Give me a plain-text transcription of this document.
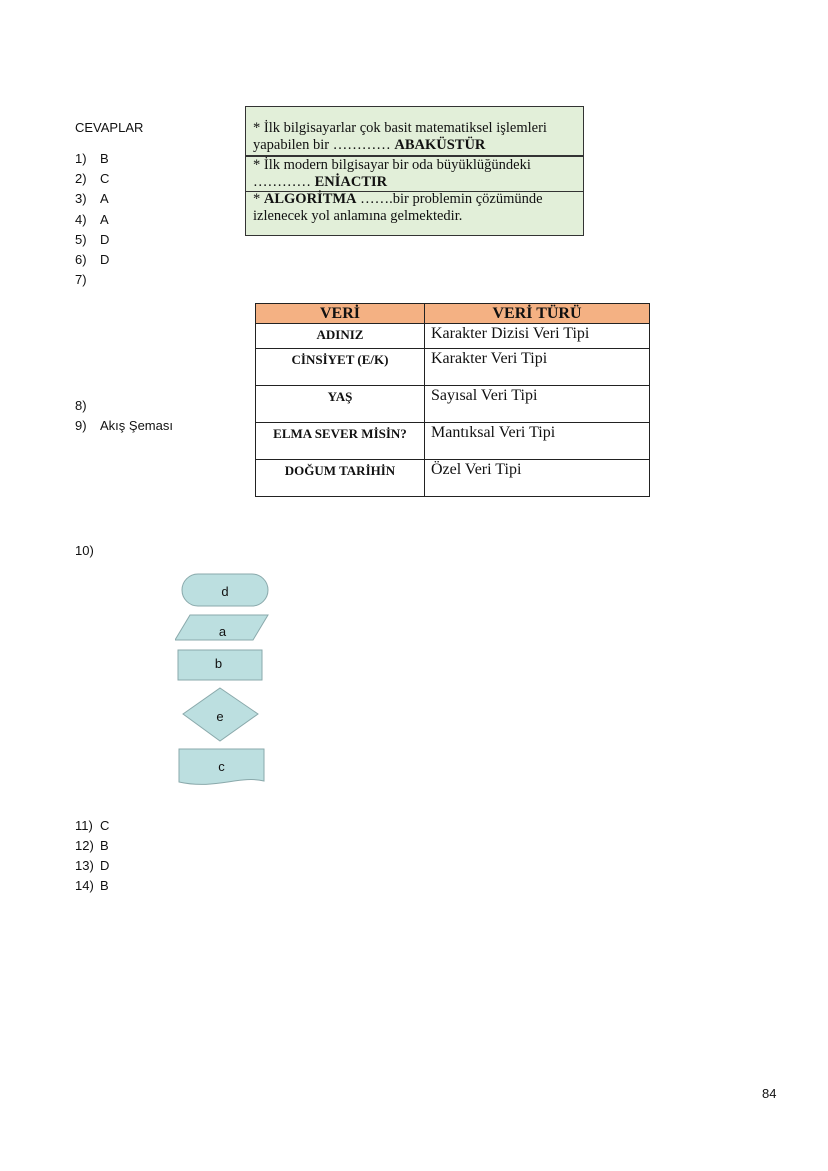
CEVAPLAR
1) B
2) C
3) A
4) A
5) D
6) D
7)
8)
9) Akış Şeması
10)
11) C
12) B
13) D
14) B
* İlk bilgisayarlar çok basit matematiksel işlemleri
yapabilen bir ………… ABAKÜSTÜR
* İlk modern bilgisayar bir oda büyüklüğündeki
………… ENİACTIR
* ALGORİTMA …….bir problemin çözümünde
izlenecek yol anlamına gelmektedir.
VERİ	VERİ TÜRÜ
ADINIZ	Karakter Dizisi Veri Tipi
CİNSİYET (E/K)	Karakter Veri Tipi
YAŞ	Sayısal Veri Tipi
ELMA SEVER MİSİN?	Mantıksal Veri Tipi
DOĞUM TARİHİN	Özel Veri Tipi
d
a
b
e
c
84
